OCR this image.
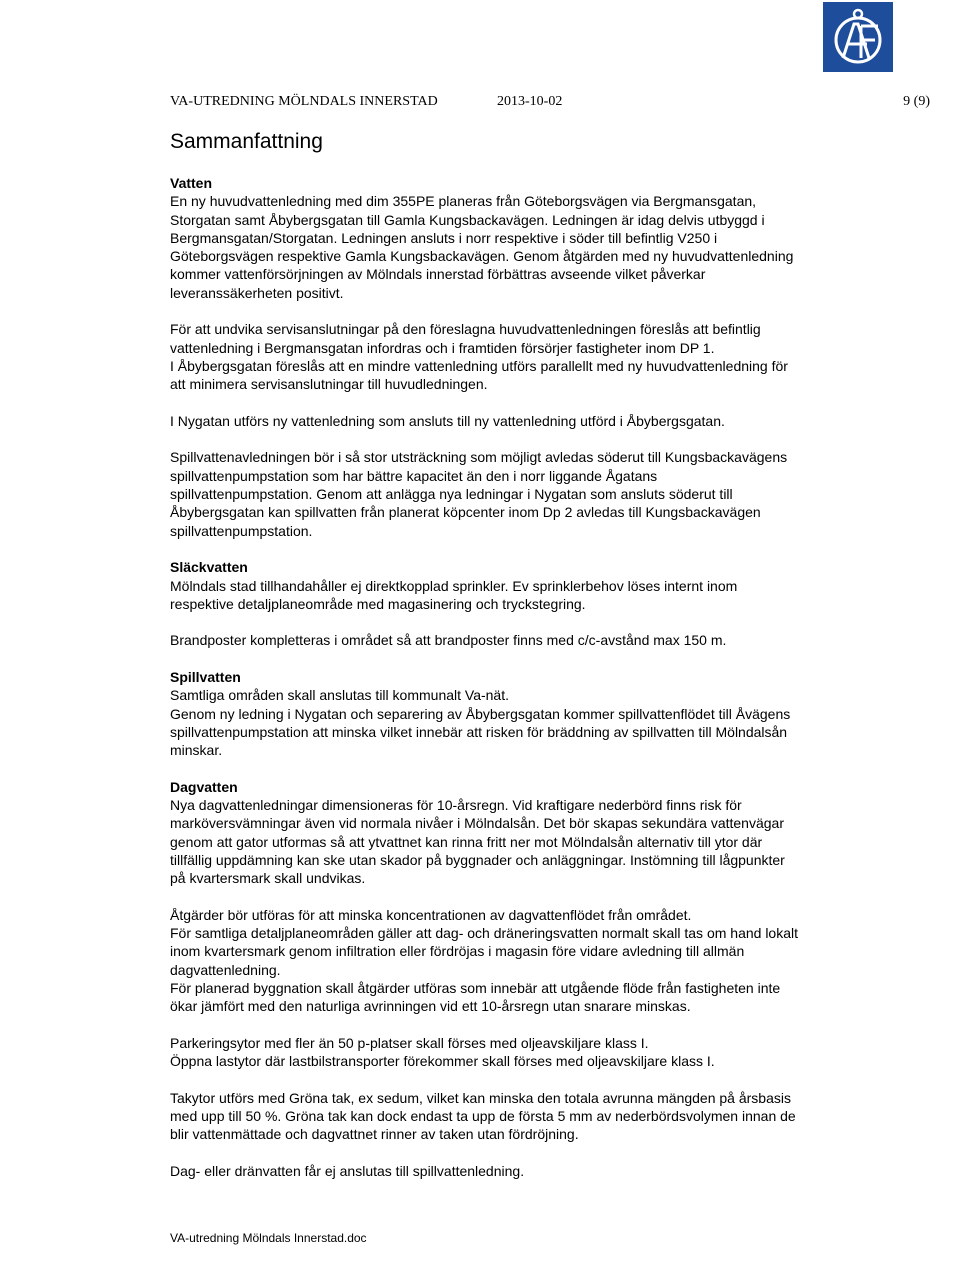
VA-UTREDNING MÖLNDALS INNERSTAD	2013-10-02	9 (9)
Sammanfattning

Vatten
En ny huvudvattenledning med dim 355PE planeras från Göteborgsvägen via Bergmansgatan,
Storgatan samt Åbybergsgatan till Gamla Kungsbackavägen. Ledningen är idag delvis utbyggd i
Bergmansgatan/Storgatan. Ledningen ansluts i norr respektive i söder till befintlig V250 i
Göteborgsvägen respektive Gamla Kungsbackavägen. Genom åtgärden med ny huvudvattenledning
kommer vattenförsörjningen av Mölndals innerstad förbättras avseende vilket påverkar
leveranssäkerheten positivt.

För att undvika servisanslutningar på den föreslagna huvudvattenledningen föreslås att befintlig
vattenledning i Bergmansgatan infordras och i framtiden försörjer fastigheter inom DP 1.
I Åbybergsgatan föreslås att en mindre vattenledning utförs parallellt med ny huvudvattenledning för
att minimera servisanslutningar till huvudledningen.

I Nygatan utförs ny vattenledning som ansluts till ny vattenledning utförd i Åbybergsgatan.

Spillvattenavledningen bör i så stor utsträckning som möjligt avledas söderut till Kungsbackavägens
spillvattenpumpstation som har bättre kapacitet än den i norr liggande Ågatans
spillvattenpumpstation. Genom att anlägga nya ledningar i Nygatan som ansluts söderut till
Åbybergsgatan kan spillvatten från planerat köpcenter inom Dp 2 avledas till Kungsbackavägen
spillvattenpumpstation.

Släckvatten
Mölndals stad tillhandahåller ej direktkopplad sprinkler. Ev sprinklerbehov löses internt inom
respektive detaljplaneområde med magasinering och tryckstegring.

Brandposter kompletteras i området så att brandposter finns med c/c-avstånd max 150 m.

Spillvatten
Samtliga områden skall anslutas till kommunalt Va-nät.
Genom ny ledning i Nygatan och separering av Åbybergsgatan kommer spillvattenflödet till Åvägens
spillvattenpumpstation att minska vilket innebär att risken för bräddning av spillvatten till Mölndalsån
minskar.

Dagvatten
Nya dagvattenledningar dimensioneras för 10-årsregn. Vid kraftigare nederbörd finns risk för
marköversvämningar även vid normala nivåer i Mölndalsån. Det bör skapas sekundära vattenvägar
genom att gator utformas så att ytvattnet kan rinna fritt ner mot Mölndalsån alternativ till ytor där
tillfällig uppdämning kan ske utan skador på byggnader och anläggningar. Instömning till lågpunkter
på kvartersmark skall undvikas.

Åtgärder bör utföras för att minska koncentrationen av dagvattenflödet från området.
För samtliga detaljplaneområden gäller att dag- och dräneringsvatten normalt skall tas om hand lokalt
inom kvartersmark genom infiltration eller fördröjas i magasin före vidare avledning till allmän
dagvattenledning.
För planerad byggnation skall åtgärder utföras som innebär att utgående flöde från fastigheten inte
ökar jämfört med den naturliga avrinningen vid ett 10-årsregn utan snarare minskas.

Parkeringsytor med fler än 50 p-platser skall förses med oljeavskiljare klass I.
Öppna lastytor där lastbilstransporter förekommer skall förses med oljeavskiljare klass I.

Takytor utförs med Gröna tak, ex sedum, vilket kan minska den totala avrunna mängden på årsbasis
med upp till 50 %. Gröna tak kan dock endast ta upp de första 5 mm av nederbördsvolymen innan de
blir vattenmättade och dagvattnet rinner av taken utan fördröjning.

Dag- eller dränvatten får ej anslutas till spillvattenledning.

VA-utredning Mölndals Innerstad.doc
